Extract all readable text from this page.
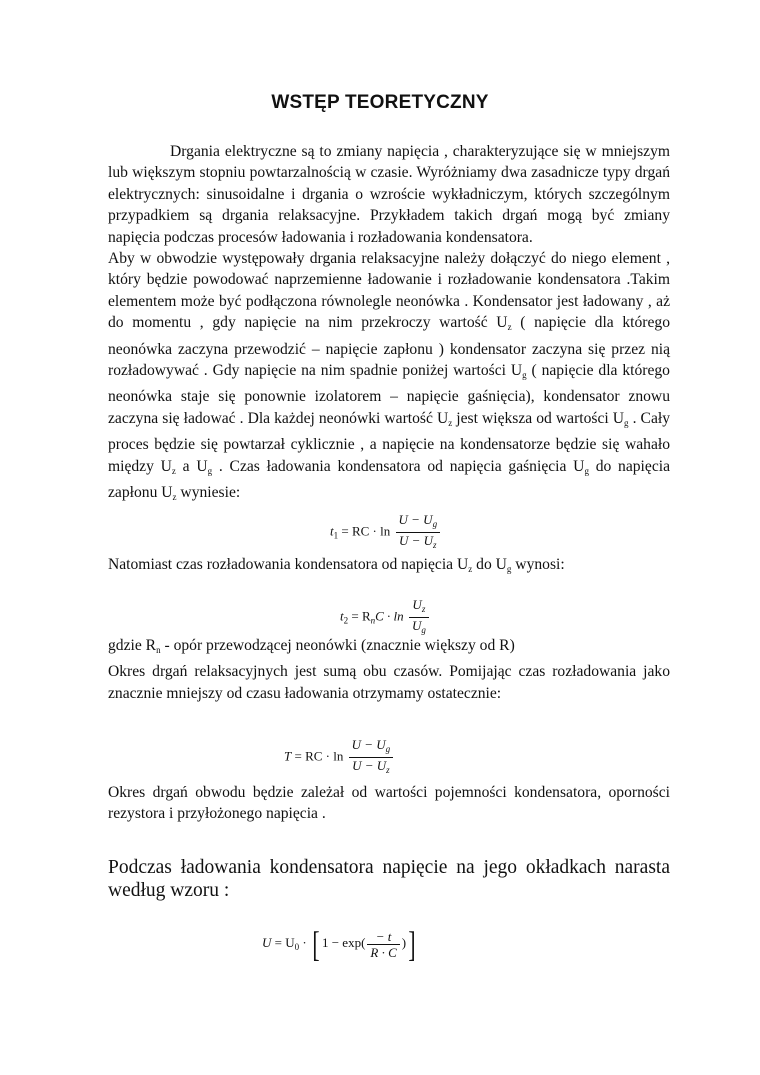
WSTĘP TEORETYCZNY

Drgania elektryczne są to zmiany napięcia , charakteryzujące się w mniejszym lub większym stopniu powtarzalnością w czasie. Wyróżniamy dwa zasadnicze typy drgań elektrycznych: sinusoidalne i drgania o wzroście wykładniczym, których szczególnym przypadkiem są drgania relaksacyjne. Przykładem takich drgań mogą być zmiany napięcia podczas procesów ładowania i rozładowania kondensatora.

Aby w obwodzie występowały drgania relaksacyjne należy dołączyć do niego element , który będzie powodować naprzemienne ładowanie i rozładowanie kondensatora .Takim elementem może być podłączona równolegle neonówka . Kondensator jest ładowany , aż do momentu , gdy napięcie na nim przekroczy wartość $U_z$ ( napięcie dla którego neonówka zaczyna przewodzić – napięcie zapłonu ) kondensator zaczyna się przez nią rozładowywać . Gdy napięcie na nim spadnie poniżej wartości $U_g$ ( napięcie dla którego neonówka staje się ponownie izolatorem – napięcie gaśnięcia), kondensator znowu zaczyna się ładować . Dla każdej neonówki wartość $U_z$ jest większa od wartości $U_g$ . Cały proces będzie się powtarzał cyklicznie , a napięcie na kondensatorze będzie się wahało między $U_z$ a $U_g$ . Czas ładowania kondensatora od napięcia gaśnięcia $U_g$ do napięcia zapłonu $U_z$ wyniesie:

$t_1$ = RC · $\ln \frac{U - U_g}{U - U_z}$

Natomiast czas rozładowania kondensatora od napięcia $U_z$ do $U_g$ wynosi:

$t_2 = R_nC \cdot \ln \frac{U_z}{U_g}$

gdzie $R_n$ - opór przewodzącej neonówki (znacznie większy od R)

Okres drgań relaksacyjnych jest sumą obu czasów. Pomijając czas rozładowania jako znacznie mniejszy od czasu ładowania otrzymamy ostatecznie:

T = RC · $\ln \frac{U - U_g}{U - U_z}$

Okres drgań obwodu będzie zależał od wartości pojemności kondensatora, oporności rezystora i przyłożonego napięcia .

Podczas ładowania kondensatora napięcie na jego okładkach narasta według wzoru :

$U = U_0$ · [ $1 - \exp( \frac{- t}{R \cdot C}$ )]
